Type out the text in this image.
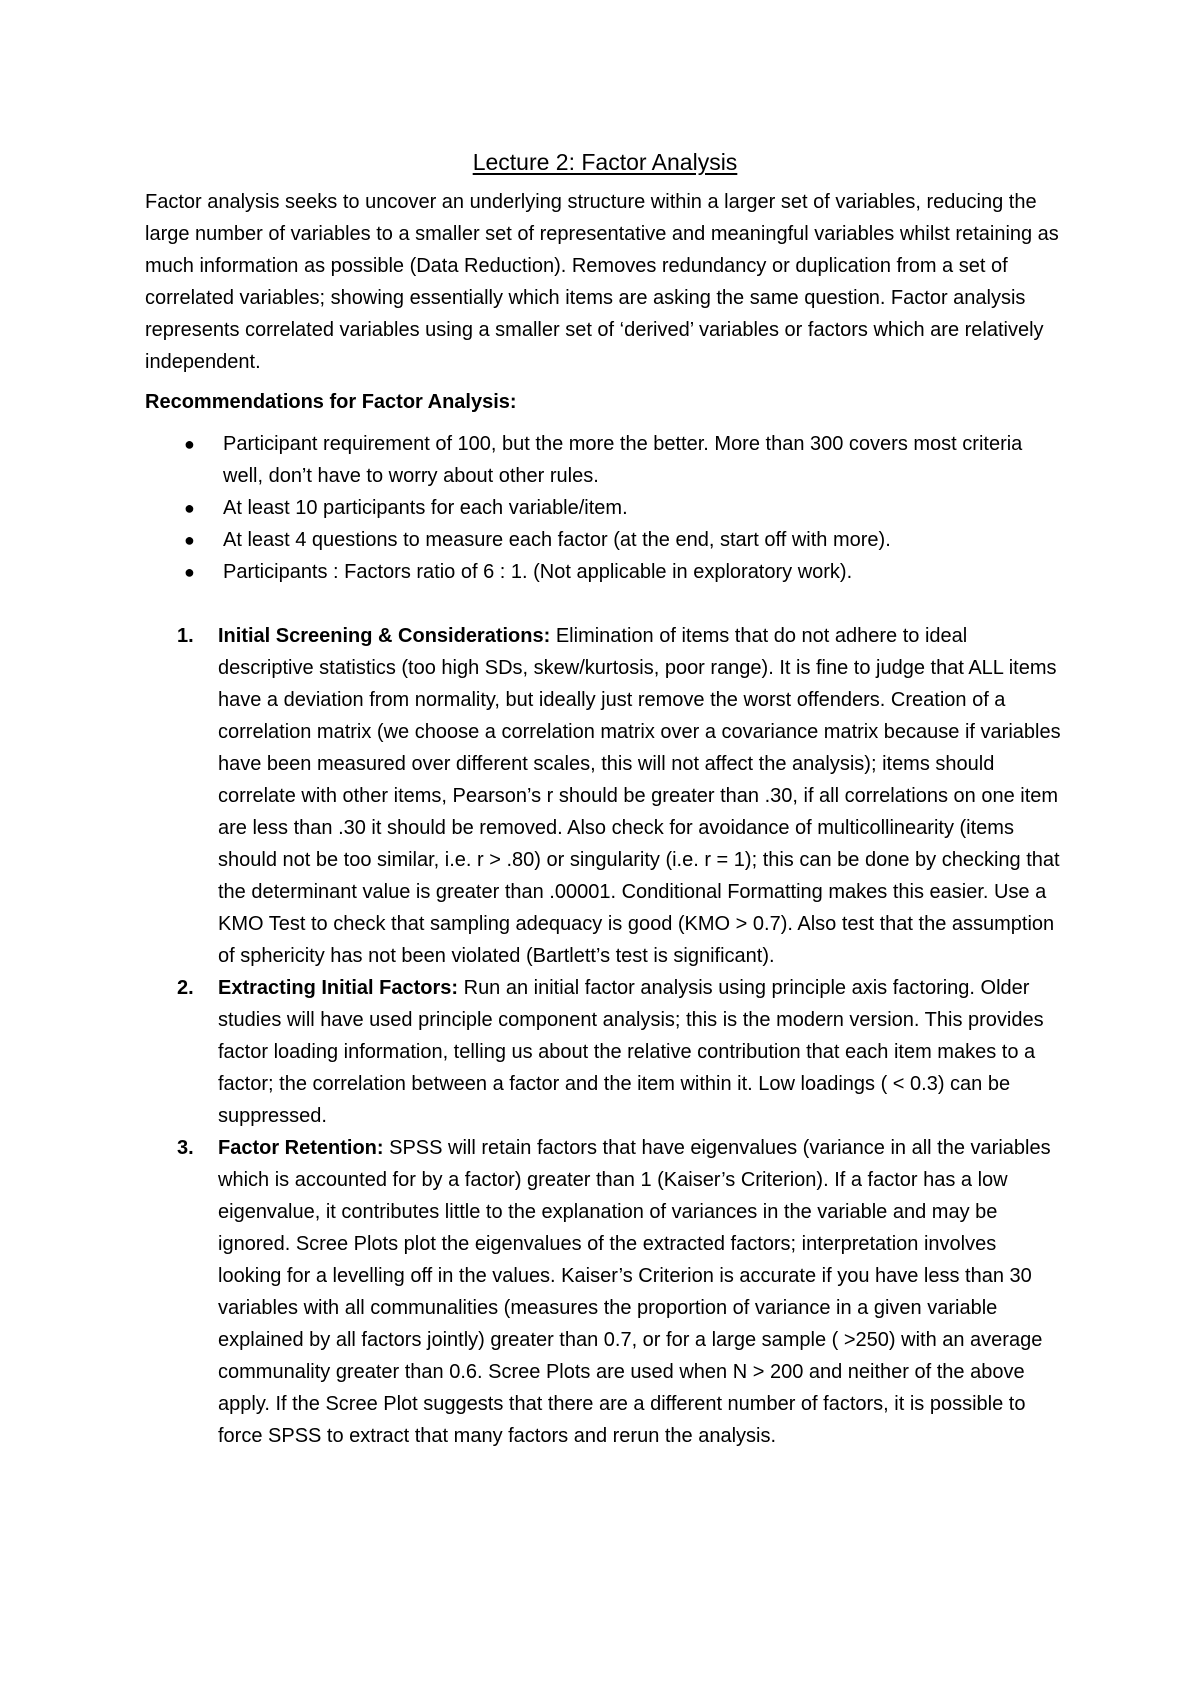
Lecture 2: Factor Analysis

Factor analysis seeks to uncover an underlying structure within a larger set of variables, reducing the large number of variables to a smaller set of representative and meaningful variables whilst retaining as much information as possible (Data Reduction). Removes redundancy or duplication from a set of correlated variables; showing essentially which items are asking the same question. Factor analysis represents correlated variables using a smaller set of ‘derived’ variables or factors which are relatively independent.

Recommendations for Factor Analysis:
● Participant requirement of 100, but the more the better. More than 300 covers most criteria well, don’t have to worry about other rules.
● At least 10 participants for each variable/item.
● At least 4 questions to measure each factor (at the end, start off with more).
● Participants : Factors ratio of 6 : 1. (Not applicable in exploratory work).
1. Initial Screening & Considerations: Elimination of items that do not adhere to ideal descriptive statistics (too high SDs, skew/kurtosis, poor range). It is fine to judge that ALL items have a deviation from normality, but ideally just remove the worst offenders. Creation of a correlation matrix (we choose a correlation matrix over a covariance matrix because if variables have been measured over different scales, this will not affect the analysis); items should correlate with other items, Pearson’s r should be greater than .30, if all correlations on one item are less than .30 it should be removed. Also check for avoidance of multicollinearity (items should not be too similar, i.e. r > .80) or singularity (i.e. r = 1); this can be done by checking that the determinant value is greater than .00001. Conditional Formatting makes this easier. Use a KMO Test to check that sampling adequacy is good (KMO > 0.7). Also test that the assumption of sphericity has not been violated (Bartlett’s test is significant).
2. Extracting Initial Factors: Run an initial factor analysis using principle axis factoring. Older studies will have used principle component analysis; this is the modern version. This provides factor loading information, telling us about the relative contribution that each item makes to a factor; the correlation between a factor and the item within it. Low loadings ( < 0.3) can be suppressed.
3. Factor Retention: SPSS will retain factors that have eigenvalues (variance in all the variables which is accounted for by a factor) greater than 1 (Kaiser’s Criterion). If a factor has a low eigenvalue, it contributes little to the explanation of variances in the variable and may be ignored. Scree Plots plot the eigenvalues of the extracted factors; interpretation involves looking for a levelling off in the values. Kaiser’s Criterion is accurate if you have less than 30 variables with all communalities (measures the proportion of variance in a given variable explained by all factors jointly) greater than 0.7, or for a large sample ( >250) with an average communality greater than 0.6. Scree Plots are used when N > 200 and neither of the above apply. If the Scree Plot suggests that there are a different number of factors, it is possible to force SPSS to extract that many factors and rerun the analysis.
